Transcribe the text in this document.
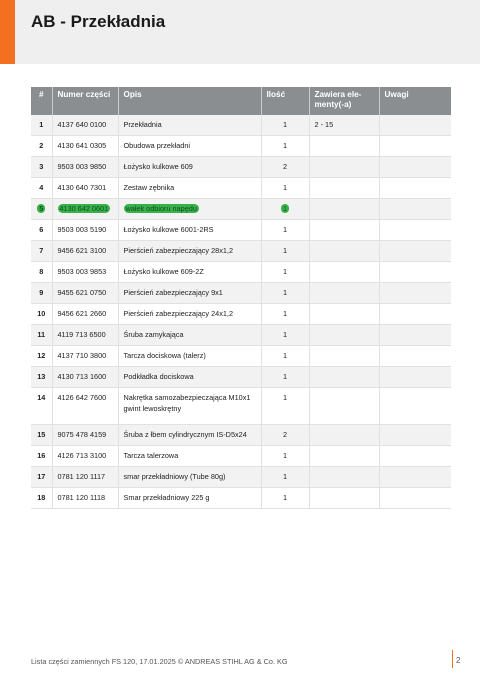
AB - Przekładnia
#	Numer części	Opis	Ilość	Zawiera ele-menty(-a)	Uwagi
1	4137 640 0100	Przekładnia	1	2 - 15	
2	4130 641 0305	Obudowa przekładni	1		
3	9503 003 9850	Łożysko kulkowe 609	2		
4	4130 640 7301	Zestaw zębnika	1		
5	4130 642 0601	wałek odbioru napędu	1		
6	9503 003 5190	Łożysko kulkowe 6001-2RS	1		
7	9456 621 3100	Pierścień zabezpieczający 28x1,2	1		
8	9503 003 9853	Łożysko kulkowe 609-2Z	1		
9	9455 621 0750	Pierścień zabezpieczający 9x1	1		
10	9456 621 2660	Pierścień zabezpieczający 24x1,2	1		
11	4119 713 6500	Śruba zamykająca	1		
12	4137 710 3800	Tarcza dociskowa (talerz)	1		
13	4130 713 1600	Podkładka dociskowa	1		
14	4126 642 7600	Nakrętka samozabezpieczająca M10x1 gwint lewoskrętny	1		
15	9075 478 4159	Śruba z łbem cylindrycznym IS-D5x24	2		
16	4126 713 3100	Tarcza talerzowa	1		
17	0781 120 1117	smar przekładniowy (Tube 80g)	1		
18	0781 120 1118	Smar przekładniowy 225 g	1		
Lista części zamiennych FS 120, 17.01.2025 © ANDREAS STIHL AG & Co. KG	2
